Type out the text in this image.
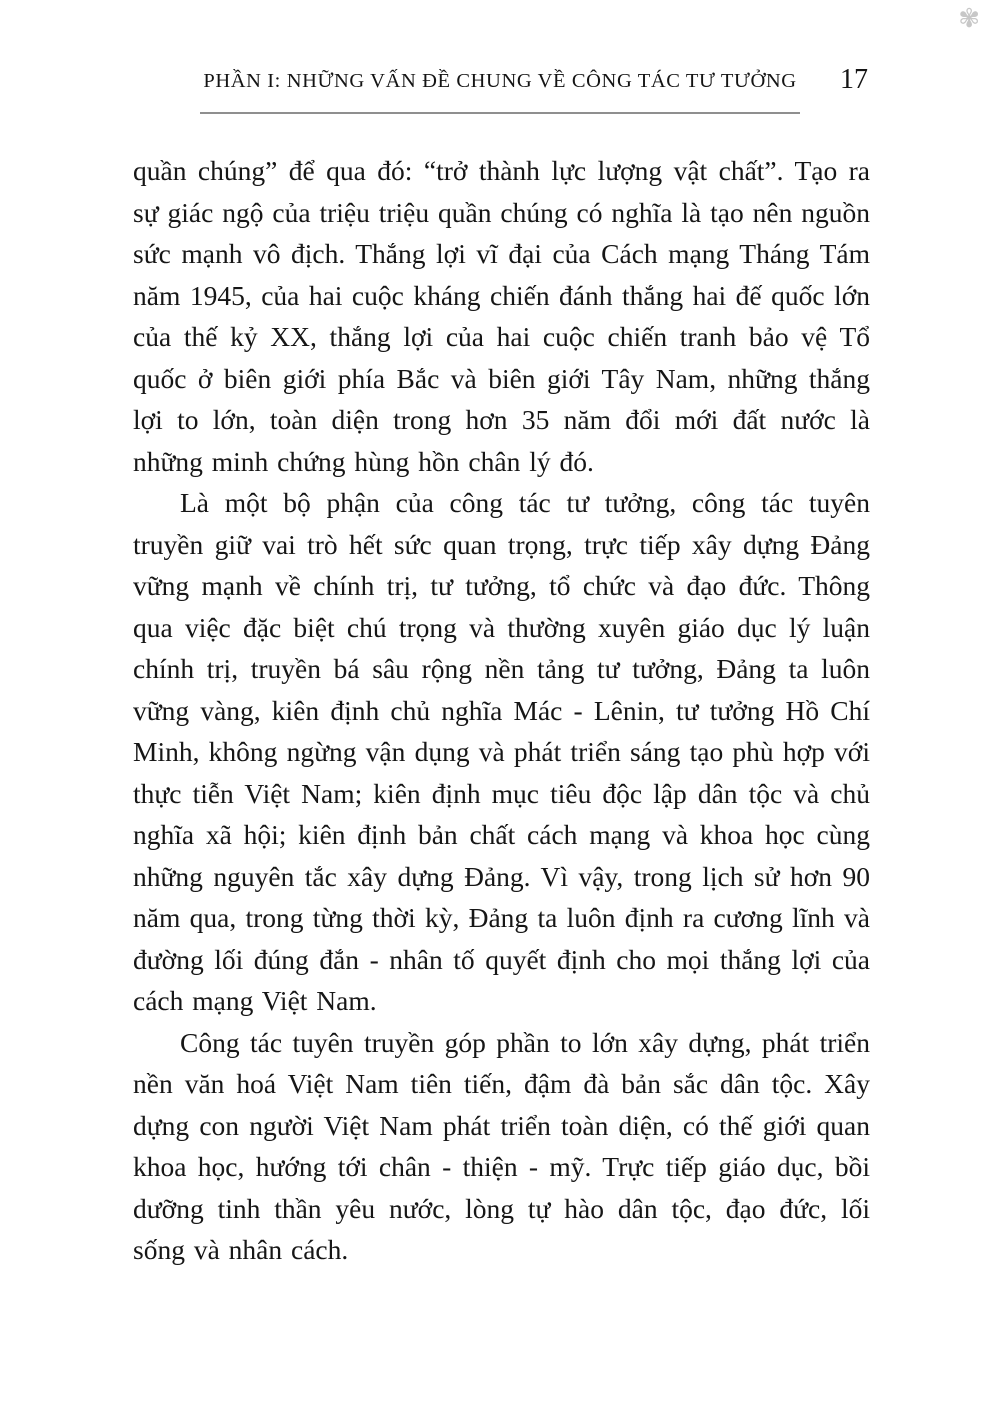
✾
PHẦN I: NHỮNG VẤN ĐỀ CHUNG VỀ CÔNG TÁC TƯ TƯỞNG	17

quần chúng” để qua đó: “trở thành lực lượng vật chất”. Tạo ra sự giác ngộ của triệu triệu quần chúng có nghĩa là tạo nên nguồn sức mạnh vô địch. Thắng lợi vĩ đại của Cách mạng Tháng Tám năm 1945, của hai cuộc kháng chiến đánh thắng hai đế quốc lớn của thế kỷ XX, thắng lợi của hai cuộc chiến tranh bảo vệ Tổ quốc ở biên giới phía Bắc và biên giới Tây Nam, những thắng lợi to lớn, toàn diện trong hơn 35 năm đổi mới đất nước là những minh chứng hùng hồn chân lý đó.

Là một bộ phận của công tác tư tưởng, công tác tuyên truyền giữ vai trò hết sức quan trọng, trực tiếp xây dựng Đảng vững mạnh về chính trị, tư tưởng, tổ chức và đạo đức. Thông qua việc đặc biệt chú trọng và thường xuyên giáo dục lý luận chính trị, truyền bá sâu rộng nền tảng tư tưởng, Đảng ta luôn vững vàng, kiên định chủ nghĩa Mác - Lênin, tư tưởng Hồ Chí Minh, không ngừng vận dụng và phát triển sáng tạo phù hợp với thực tiễn Việt Nam; kiên định mục tiêu độc lập dân tộc và chủ nghĩa xã hội; kiên định bản chất cách mạng và khoa học cùng những nguyên tắc xây dựng Đảng. Vì vậy, trong lịch sử hơn 90 năm qua, trong từng thời kỳ, Đảng ta luôn định ra cương lĩnh và đường lối đúng đắn - nhân tố quyết định cho mọi thắng lợi của cách mạng Việt Nam.

Công tác tuyên truyền góp phần to lớn xây dựng, phát triển nền văn hoá Việt Nam tiên tiến, đậm đà bản sắc dân tộc. Xây dựng con người Việt Nam phát triển toàn diện, có thế giới quan khoa học, hướng tới chân - thiện - mỹ. Trực tiếp giáo dục, bồi dưỡng tinh thần yêu nước, lòng tự hào dân tộc, đạo đức, lối sống và nhân cách.
